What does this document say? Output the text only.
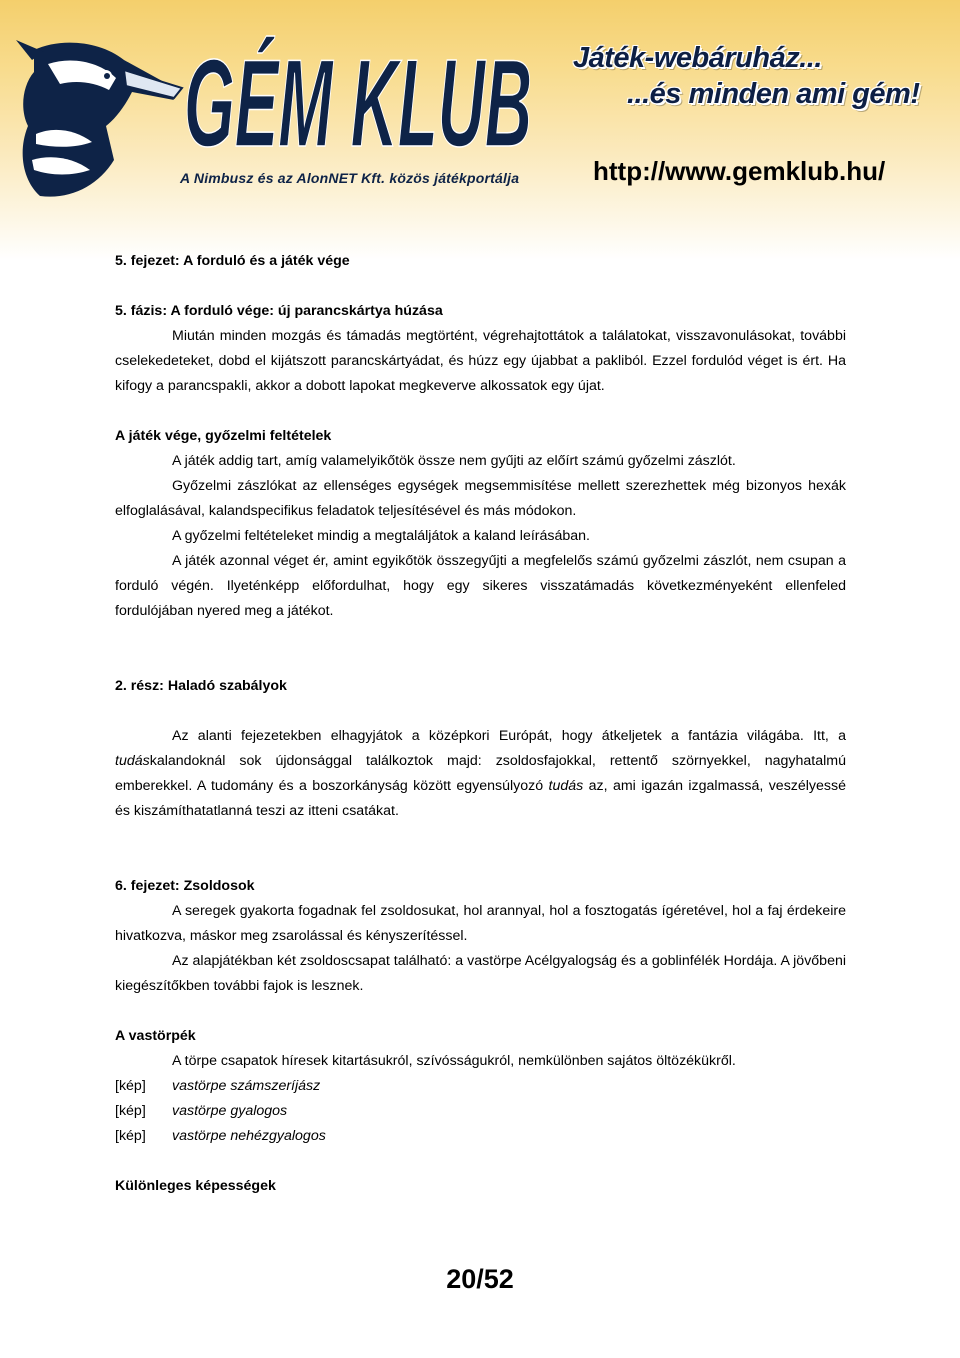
GÉM KLUB
A Nimbusz és az AlonNET Kft. közös játékportálja
Játék-webáruház...
...és minden ami gém!
http://www.gemklub.hu/

5. fejezet: A forduló és a játék vége

5. fázis: A forduló vége: új parancskártya húzása

Miután minden mozgás és támadás megtörtént, végrehajtottátok a találatokat, visszavonulásokat, további cselekedeteket, dobd el kijátszott parancskártyádat, és húzz egy újabbat a pakliból. Ezzel fordulód véget is ért. Ha kifogy a parancspakli, akkor a dobott lapokat megkeverve alkossatok egy újat.

A játék vége, győzelmi feltételek

A játék addig tart, amíg valamelyikőtök össze nem gyűjti az előírt számú győzelmi zászlót.

Győzelmi zászlókat az ellenséges egységek megsemmisítése mellett szerezhettek még bizonyos hexák elfoglalásával, kalandspecifikus feladatok teljesítésével és más módokon.

A győzelmi feltételeket mindig a megtaláljátok a kaland leírásában.

A játék azonnal véget ér, amint egyikőtök összegyűjti a megfelelős számú győzelmi zászlót, nem csupan a forduló végén. Ilyeténképp előfordulhat, hogy egy sikeres visszatámadás következményeként ellenfeled fordulójában nyered meg a játékot.

2. rész: Haladó szabályok

Az alanti fejezetekben elhagyjátok a középkori Európát, hogy átkeljetek a fantázia világába. Itt, a tudáskalandoknál sok újdonsággal találkoztok majd: zsoldosfajokkal, rettentő szörnyekkel, nagyhatalmú emberekkel. A tudomány és a boszorkányság között egyensúlyozó tudás az, ami igazán izgalmassá, veszélyessé és kiszámíthatatlanná teszi az itteni csatákat.

6. fejezet: Zsoldosok

A seregek gyakorta fogadnak fel zsoldosukat, hol arannyal, hol a fosztogatás ígéretével, hol a faj érdekeire hivatkozva, máskor meg zsarolással és kényszerítéssel.

Az alapjátékban két zsoldoscsapat található: a vastörpe Acélgyalogság és a goblinfélék Hordája. A jövőbeni kiegészítőkben további fajok is lesznek.

A vastörpék

A törpe csapatok híresek kitartásukról, szívósságukról, nemkülönben sajátos öltözékükről.

[kép]	vastörpe számszeríjász
[kép]	vastörpe gyalogos
[kép]	vastörpe nehézgyalogos

Különleges képességek

20/52
